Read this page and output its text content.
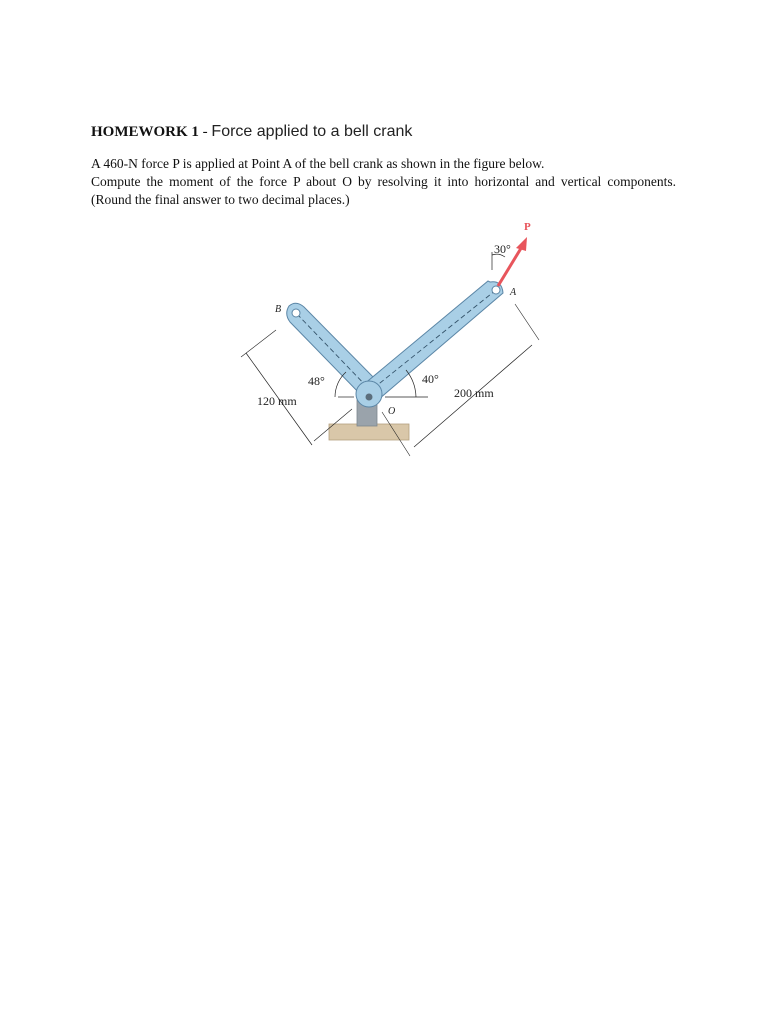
HOMEWORK 1 - Force applied to a bell crank

A 460-N force P is applied at Point A of the bell crank as shown in the figure below.

Compute the moment of the force P about O by resolving it into horizontal and vertical components. (Round the final answer to two decimal places.)

P
30°
A
B
O
48°	40°
200 mm
120 mm
